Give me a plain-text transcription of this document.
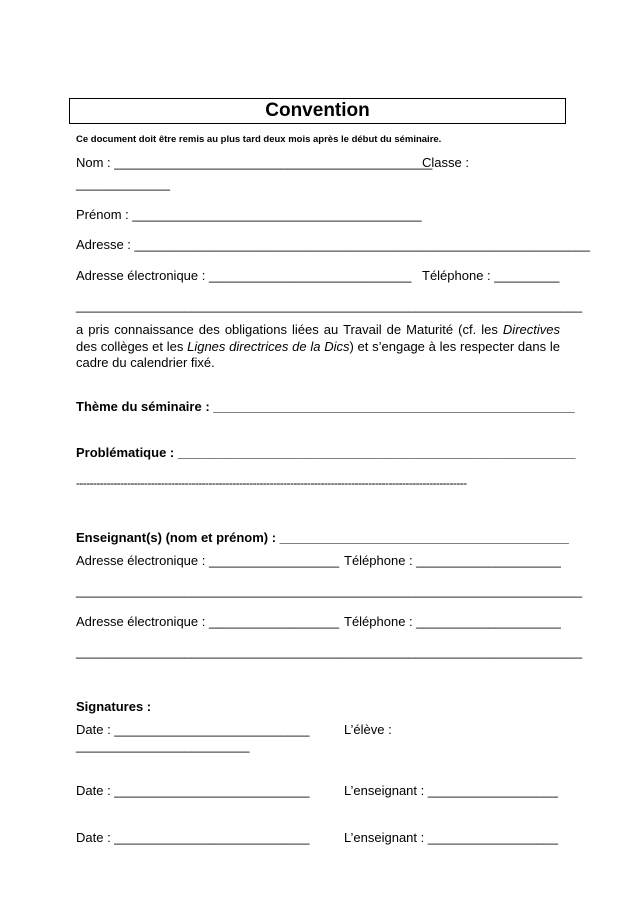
Convention
Ce document doit être remis au plus tard deux mois après le début du séminaire.
Nom : ____________________________________________
Classe :
_____________
Prénom : ________________________________________
Adresse : _______________________________________________________________
Adresse électronique : ____________________________ Téléphone : _________
______________________________________________________________________
a pris connaissance des obligations liées au Travail de Maturité (cf. les Directives des collèges et les Lignes directrices de la Dics) et s’engage à les respecter dans le cadre du calendrier fixé.
Thème du séminaire : __________________________________________________
Problématique : _______________________________________________________
-------------------------------------------------------------------------------------------------------------------
Enseignant(s) (nom et prénom) : ________________________________________
Adresse électronique : __________________ Téléphone : ____________________
______________________________________________________________________
Adresse électronique : __________________ Téléphone : ____________________
______________________________________________________________________
Signatures :
Date : ___________________________	L’élève :
________________________
Date : ___________________________	L’enseignant : __________________
Date : ___________________________	L’enseignant : __________________
